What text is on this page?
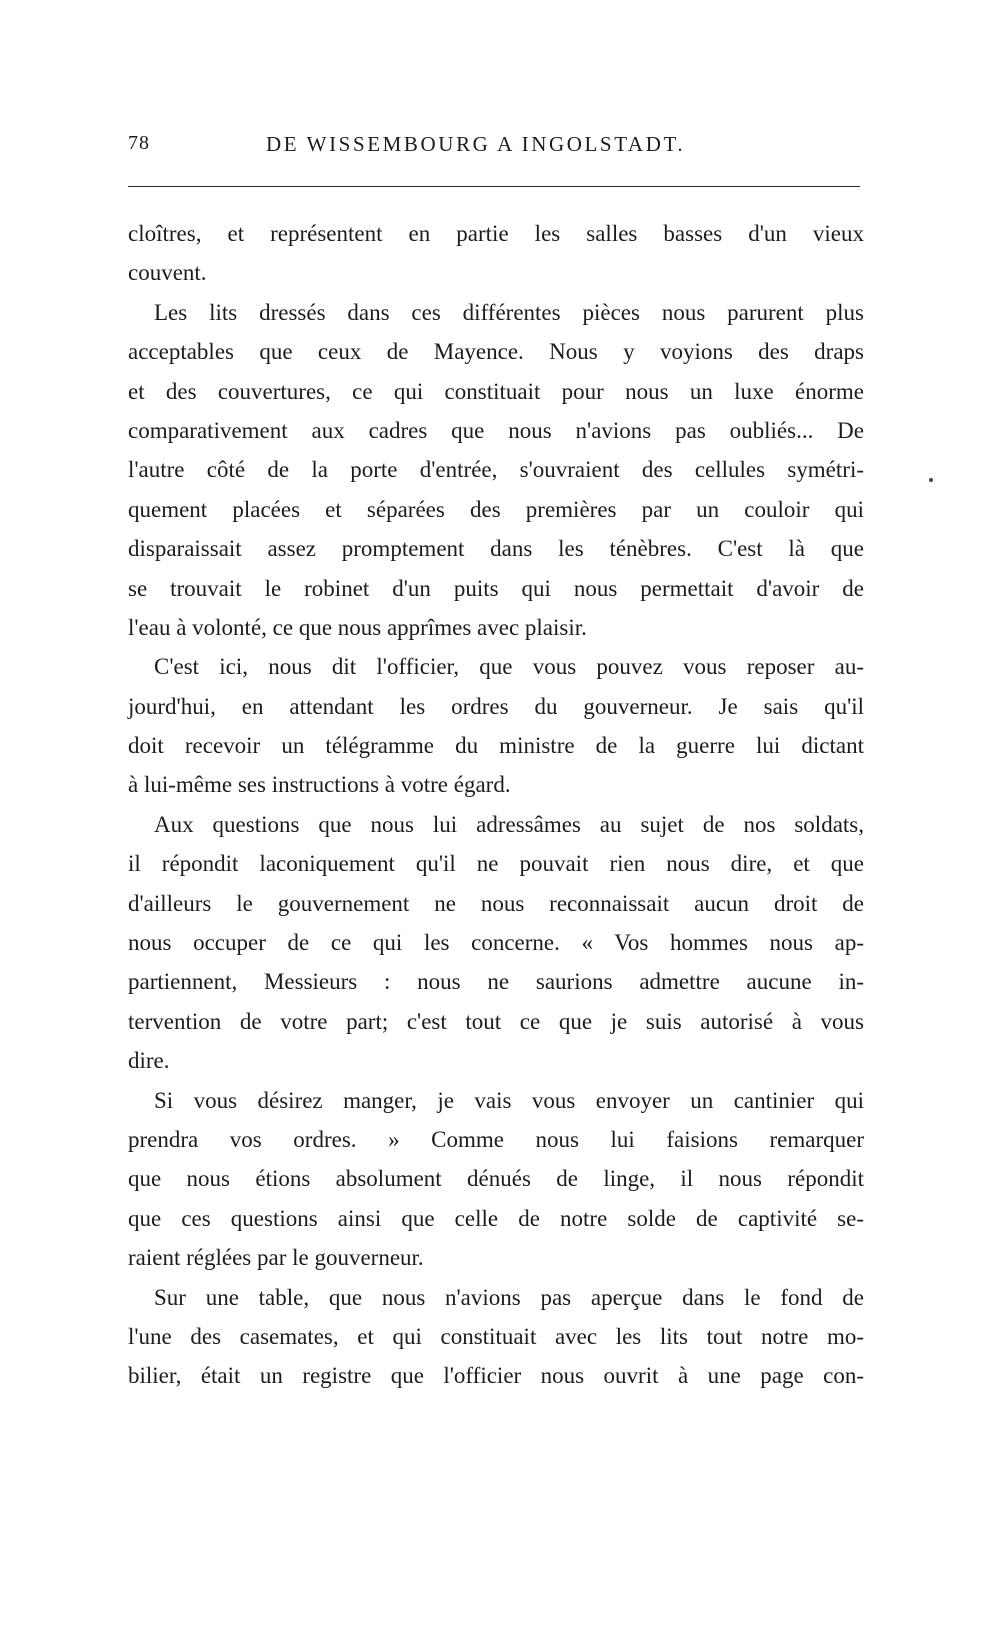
78	DE WISSEMBOURG A INGOLSTADT.
cloîtres, et représentent en partie les salles basses d'un vieux
couvent.
Les lits dressés dans ces différentes pièces nous parurent plus
acceptables que ceux de Mayence. Nous y voyions des draps
et des couvertures, ce qui constituait pour nous un luxe énorme
comparativement aux cadres que nous n'avions pas oubliés... De
l'autre côté de la porte d'entrée, s'ouvraient des cellules symétri-
quement placées et séparées des premières par un couloir qui
disparaissait assez promptement dans les ténèbres. C'est là que
se trouvait le robinet d'un puits qui nous permettait d'avoir de
l'eau à volonté, ce que nous apprîmes avec plaisir.
C'est ici, nous dit l'officier, que vous pouvez vous reposer au-
jourd'hui, en attendant les ordres du gouverneur. Je sais qu'il
doit recevoir un télégramme du ministre de la guerre lui dictant
à lui-même ses instructions à votre égard.
Aux questions que nous lui adressâmes au sujet de nos soldats,
il répondit laconiquement qu'il ne pouvait rien nous dire, et que
d'ailleurs le gouvernement ne nous reconnaissait aucun droit de
nous occuper de ce qui les concerne. « Vos hommes nous ap-
partiennent, Messieurs : nous ne saurions admettre aucune in-
tervention de votre part; c'est tout ce que je suis autorisé à vous
dire.
Si vous désirez manger, je vais vous envoyer un cantinier qui
prendra vos ordres. » Comme nous lui faisions remarquer
que nous étions absolument dénués de linge, il nous répondit
que ces questions ainsi que celle de notre solde de captivité se-
raient réglées par le gouverneur.
Sur une table, que nous n'avions pas aperçue dans le fond de
l'une des casemates, et qui constituait avec les lits tout notre mo-
bilier, était un registre que l'officier nous ouvrit à une page con-
